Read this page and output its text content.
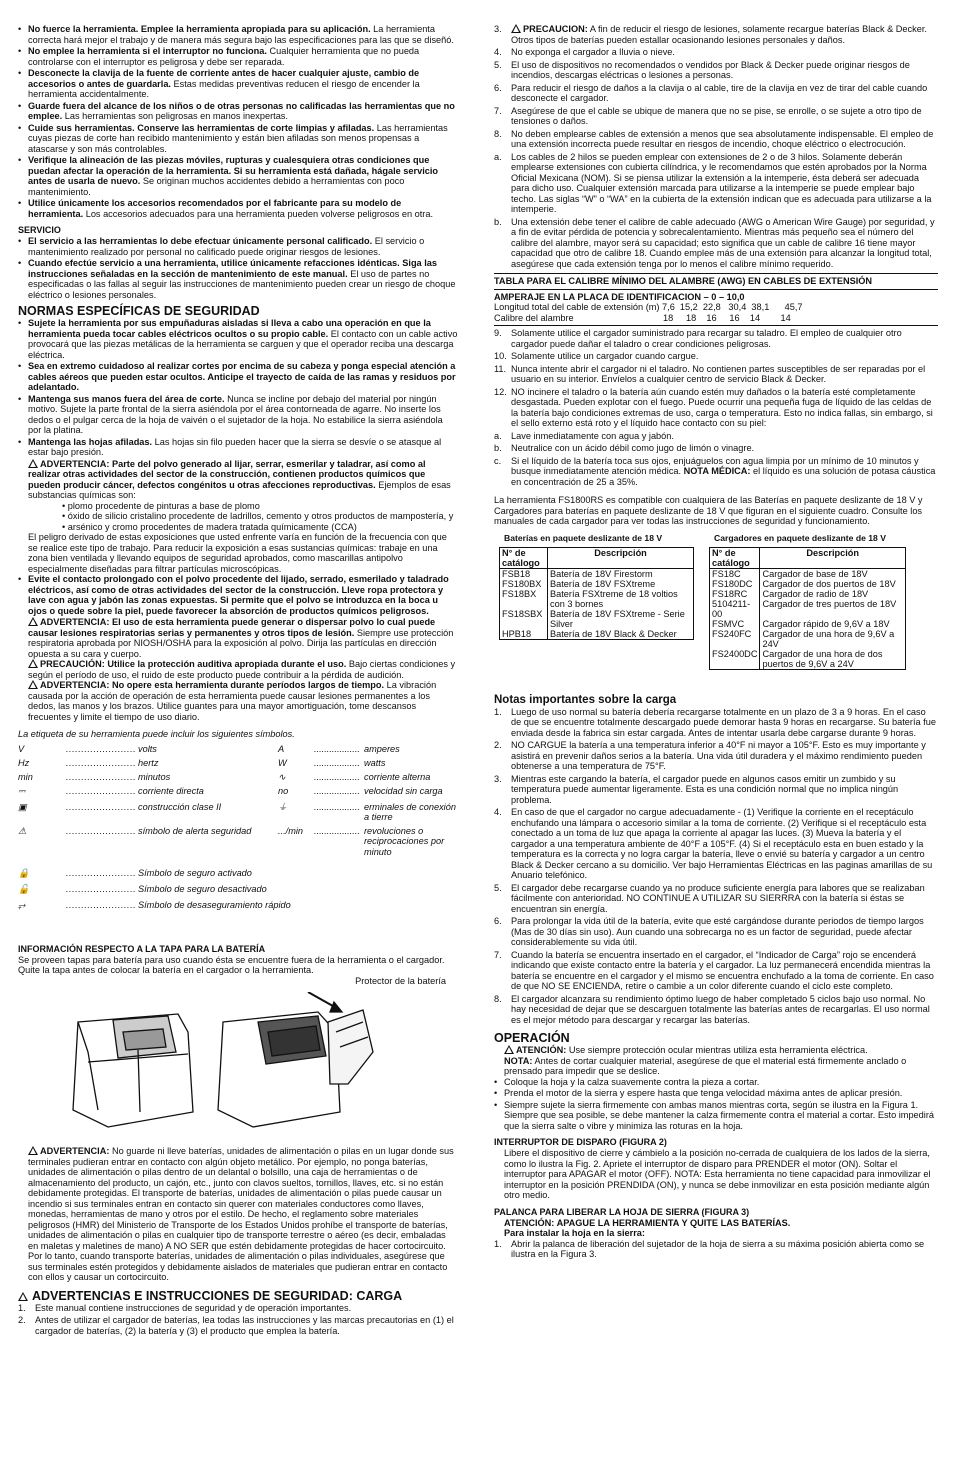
• No fuerce la herramienta. Emplee la herramienta apropiada para su aplicación. La herramienta correcta hará mejor el trabajo y de manera más segura bajo las especificaciones para las que se diseñó.

• No emplee la herramienta si el interruptor no funciona. Cualquier herramienta que no pueda controlarse con el interruptor es peligrosa y debe ser reparada.

• Desconecte la clavija de la fuente de corriente antes de hacer cualquier ajuste, cambio de accesorios o antes de guardarla. Estas medidas preventivas reducen el riesgo de encender la herramienta accidentalmente.

• Guarde fuera del alcance de los niños o de otras personas no calificadas las herramientas que no emplee. Las herramientas son peligrosas en manos inexpertas.

• Cuide sus herramientas. Conserve las herramientas de corte limpias y afiladas. Las herramientas cuyas piezas de corte han recibido mantenimiento y están bien afiladas son menos propensas a atascarse y son más controlables.

• Verifique la alineación de las piezas móviles, rupturas y cualesquiera otras condiciones que puedan afectar la operación de la herramienta. Si su herramienta está dañada, hágale servicio antes de usarla de nuevo. Se originan muchos accidentes debido a herramientas con poco mantenimiento.

• Utilice únicamente los accesorios recomendados por el fabricante para su modelo de herramienta. Los accesorios adecuados para una herramienta pueden volverse peligrosos en otra.

SERVICIO

• El servicio a las herramientas lo debe efectuar únicamente personal calificado. El servicio o mantenimiento realizado por personal no calificado puede originar riesgos de lesiones.

• Cuando efectúe servicio a una herramienta, utilice únicamente refacciones idénticas. Siga las instrucciones señaladas en la sección de mantenimiento de este manual. El uso de partes no especificadas o las fallas al seguir las instrucciones de mantenimiento pueden crear un riesgo de choque eléctrico o lesiones personales.

NORMAS ESPECÍFICAS DE SEGURIDAD

• Sujete la herramienta por sus empuñaduras aisladas si lleva a cabo una operación en que la herramienta pueda tocar cables eléctricos ocultos o su propio cable. El contacto con un cable activo provocará que las piezas metálicas de la herramienta se carguen y que el operador reciba una descarga eléctrica.

• Sea en extremo cuidadoso al realizar cortes por encima de su cabeza y ponga especial atención a cables aéreos que pueden estar ocultos. Anticipe el trayecto de caída de las ramas y residuos por adelantado.

• Mantenga sus manos fuera del área de corte. Nunca se incline por debajo del material por ningún motivo. Sujete la parte frontal de la sierra asiéndola por el área contorneada de agarre. No inserte los dedos o el pulgar cerca de la hoja de vaivén o el sujetador de la hoja. No estabilice la sierra asiéndola por la platina.

• Mantenga las hojas afiladas. Las hojas sin filo pueden hacer que la sierra se desvíe o se atasque al estar bajo presión.

ADVERTENCIA: Parte del polvo generado al lijar, serrar, esmerilar y taladrar, así como al realizar otras actividades del sector de la construcción, contienen productos químicos que pueden producir cáncer, defectos congénitos u otras afecciones reproductivas. Ejemplos de esas substancias químicas son:

• plomo procedente de pinturas a base de plomo

• óxido de silicio cristalino procedente de ladrillos, cemento y otros productos de mampostería, y

• arsénico y cromo procedentes de madera tratada químicamente (CCA)

El peligro derivado de estas exposiciones que usted enfrente varía en función de la frecuencia con que se realice este tipo de trabajo. Para reducir la exposición a esas sustancias químicas: trabaje en una zona bien ventilada y llevando equipos de seguridad aprobados, como mascarillas antipolvo especialmente diseñadas para filtrar partículas microscópicas.

• Evite el contacto prolongado con el polvo procedente del lijado, serrado, esmerilado y taladrado eléctricos, así como de otras actividades del sector de la construcción. Lleve ropa protectora y lave con agua y jabón las zonas expuestas. Si permite que el polvo se introduzca en la boca u ojos o quede sobre la piel, puede favorecer la absorción de productos químicos peligrosos.

ADVERTENCIA: El uso de esta herramienta puede generar o dispersar polvo lo cual puede causar lesiones respiratorias serias y permanentes y otros tipos de lesión. Siempre use protección respiratoria aprobada por NIOSH/OSHA para la exposición al polvo. Dirija las partículas en dirección opuesta a su cara y cuerpo.

PRECAUCIÓN: Utilice la protección auditiva apropiada durante el uso. Bajo ciertas condiciones y según el período de uso, el ruido de este producto puede contribuir a la pérdida de audición.

ADVERTENCIA: No opere esta herramienta durante períodos largos de tiempo. La vibración causada por la acción de operación de esta herramienta puede causar lesiones permanentes a los dedos, las manos y los brazos. Utilice guantes para una mayor amortiguación, tome descansos frecuentes y limite el tiempo de uso diario.

La etiqueta de su herramienta puede incluir los siguientes símbolos.

V	....................... volts
Hz	....................... hertz
min	....................... minutos
⎓	....................... corriente directa
▣	....................... construcción clase II
⚠	....................... símbolo de alerta seguridad
🔒	....................... Símbolo de seguro activado
🔓	....................... Símbolo de seguro desactivado
⥅	....................... Símbolo de desaseguramiento rápido
A	.................. amperes
W	.................. watts
∿	.................. corriente alterna
no	.................. velocidad sin carga
⏚	.................. erminales de conexión a tierre
.../min .................. revoluciones o reciprocaciones por minuto
INFORMACIÓN RESPECTO A LA TAPA PARA LA BATERÍA

Se proveen tapas para batería para uso cuando ésta se encuentre fuera de la herramienta o el cargador. Quite la tapa antes de colocar la batería en el cargador o la herramienta.

Protector de la batería

ADVERTENCIA: No guarde ni lleve baterías, unidades de alimentación o pilas en un lugar donde sus terminales pudieran entrar en contacto con algún objeto metálico. Por ejemplo, no ponga baterías, unidades de alimentación o pilas dentro de un delantal o bolsillo, una caja de herramientas o de almacenamiento del producto, un cajón, etc., junto con clavos sueltos, tornillos, llaves, etc. si no están debidamente protegidas. El transporte de baterías, unidades de alimentación o pilas puede causar un incendio si sus terminales entran en contacto sin querer con materiales conductores como llaves, monedas, herramientas de mano y otros por el estilo. De hecho, el reglamento sobre materiales peligrosos (HMR) del Ministerio de Transporte de los Estados Unidos prohíbe el transporte de baterías, unidades de alimentación o pilas en cualquier tipo de transporte terrestre o aéreo (es decir, embaladas en maletas y maletines de mano) A NO SER que estén debidamente protegidas de hacer cortocircuito. Por lo tanto, cuando transporte baterías, unidades de alimentación o pilas individuales, asegúrese que sus terminales estén protegidos y debidamente aislados de materiales que pudieran entrar en contacto con ellos y causar un cortocircuito.

ADVERTENCIAS E INSTRUCCIONES DE SEGURIDAD: CARGA

1. Este manual contiene instrucciones de seguridad y de operación importantes.

2. Antes de utilizar el cargador de baterías, lea todas las instrucciones y las marcas precautorias en (1) el cargador de baterías, (2) la batería y (3) el producto que emplea la batería.

3. PRECAUCION: A fin de reducir el riesgo de lesiones, solamente recargue baterías Black & Decker. Otros tipos de baterías pueden estallar ocasionando lesiones personales y daños.

4. No exponga el cargador a lluvia o nieve.

5. El uso de dispositivos no recomendados o vendidos por Black & Decker puede originar riesgos de incendios, descargas eléctricas o lesiones a personas.

6. Para reducir el riesgo de daños a la clavija o al cable, tire de la clavija en vez de tirar del cable cuando desconecte el cargador.

7. Asegúrese de que el cable se ubique de manera que no se pise, se enrolle, o se sujete a otro tipo de tensiones o daños.

8. No deben emplearse cables de extensión a menos que sea absolutamente indispensable. El empleo de una extensión incorrecta puede resultar en riesgos de incendio, choque eléctrico o electrocución.

a. Los cables de 2 hilos se pueden emplear con extensiones de 2 o de 3 hilos. Solamente deberán emplearse extensiones con cubierta cilíndrica, y le recomendamos que estén aprobados por la Norma Oficial Mexicana (NOM). Si se piensa utilizar la extensión a la intemperie, ésta deberá ser adecuada para dicho uso. Cualquier extensión marcada para utilizarse a la intemperie se puede emplear bajo techo. Las siglas “W” o “WA” en la cubierta de la extensión indican que es adecuada para utilizarse a la intemperie.

b. Una extensión debe tener el calibre de cable adecuado (AWG o American Wire Gauge) por seguridad, y a fin de evitar pérdida de potencia y sobrecalentamiento. Mientras más pequeño sea el número del calibre del alambre, mayor será su capacidad; esto significa que un cable de calibre 16 tiene mayor capacidad que otro de calibre 18. Cuando emplee más de una extensión para alcanzar la longitud total, asegúrese que cada extensión tenga por lo menos el calibre mínimo requerido.

TABLA PARA EL CALIBRE MÍNIMO DEL ALAMBRE (AWG) EN CABLES DE EXTENSIÓN

AMPERAJE EN LA PLACA DE IDENTIFICACION – 0 – 10,0

Longitud total del cable de extensión (m) 7,6  15,2  22,8   30,4  38,1      45,7

Calibre del alambre                                   18     18    16     16    14        14

9. Solamente utilice el cargador suministrado para recargar su taladro. El empleo de cualquier otro cargador puede dañar el taladro o crear condiciones peligrosas.

10. Solamente utilice un cargador cuando cargue.

11. Nunca intente abrir el cargador ni el taladro. No contienen partes susceptibles de ser reparadas por el usuario en su interior. Envíelos a cualquier centro de servicio Black & Decker.

12. NO incinere el taladro o la batería aún cuando estén muy dañados o la batería esté completamente desgastada. Pueden explotar con el fuego. Puede ocurrir una pequeña fuga de líquido de las celdas de la batería bajo condiciones extremas de uso, carga o temperatura. Esto no indica fallas, sin embargo, si el sello externo está roto y el líquido hace contacto con su piel:

a. Lave inmediatamente con agua y jabón.

b. Neutralice con un ácido débil como jugo de limón o vinagre.

c. Si el líquido de la batería toca sus ojos, enjuáguelos con agua limpia por un mínimo de 10 minutos y busque inmediatamente atención médica. NOTA MÉDICA: el líquido es una solución de potasa cáustica en concentración de 25 a 35%.

La herramienta FS1800RS es compatible con cualquiera de las Baterías en paquete deslizante de 18 V y Cargadores para baterías en paquete deslizante de 18 V que figuran en el siguiente cuadro. Consulte los manuales de cada cargador para ver todas las instrucciones de seguridad y funcionamiento.

Baterías en paquete deslizante de 18 V	Cargadores en paquete deslizante de 18 V

N° de catálogo	Descripción
FSB18	Batería de 18V Firestorm
FS180BX	Batería de 18V FSXtreme
FS18BX	Batería FSXtreme de 18 voltios con 3 bornes
FS18SBX	Batería de 18V FSXtreme - Serie Silver
HPB18	Batería de 18V Black & Decker
N° de catálogo	Descripción
FS18C	Cargador de base de 18V
FS180DC	Cargador de dos puertos de 18V
FS18RC	Cargador de radio de 18V
5104211-00	Cargador de tres puertos de 18V
FSMVC	Cargador rápido de 9,6V a 18V
FS240FC	Cargador de una hora de 9,6V a 24V
FS2400DC	Cargador de una hora de dos puertos de 9,6V a 24V
Notas importantes sobre la carga

1. Luego de uso normal su batería debería recargarse totalmente en un plazo de 3 a 9 horas. En el caso de que se encuentre totalmente descargado puede demorar hasta 9 horas en recargarse. Su batería fue enviada desde la fabrica sin estar cargada. Antes de intentar usarla debe cargarse durante 9 horas.

2. NO CARGUE la batería a una temperatura inferior a 40°F ni mayor a 105°F. Esto es muy importante y asistirá en prevenir daños serios a la batería. Una vida útil duradera y el máximo rendimiento pueden obtenerse a una temperatura de 75°F.

3. Mientras este cargando la batería, el cargador puede en algunos casos emitir un zumbido y su temperatura puede aumentar ligeramente. Esta es una condición normal que no implica ningún problema.

4. En caso de que el cargador no cargue adecuadamente - (1) Verifique la corriente en el receptáculo enchufando una lámpara o accesorio similar a la toma de corriente. (2) Verifique si el receptáculo esta conectado a un toma de luz que apaga la corriente al apagar las luces. (3) Mueva la batería y el cargador a una temperatura ambiente de 40°F a 105°F. (4) Si el receptáculo esta en buen estado y la temperatura es la correcta y no logra cargar la batería, lleve o envié su batería y cargador a un centro Black & Decker cercano a su domicilio. Ver bajo Herramientas Eléctricas en las paginas amarillas de su Anuario telefónico.

5. El cargador debe recargarse cuando ya no produce suficiente energía para labores que se realizaban fácilmente con anterioridad. NO CONTINUE A UTILIZAR SU SIERRRA con la batería si éstas se encuentran sin energía.

6. Para prolongar la vida útil de la batería, evite que esté cargándose durante periodos de tiempo largos (Mas de 30 días sin uso). Aun cuando una sobrecarga no es un factor de seguridad, puede afectar considerablemente su vida útil.

7. Cuando la batería se encuentra insertado en el cargador, el “Indicador de Carga” rojo se encenderá indicando que existe contacto entre la batería y el cargador. La luz permanecerá encendida mientras la batería se encuentre en el cargador y el mismo se encuentra enchufado a la toma de corriente. En caso de que NO SE ENCIENDA, retire o cambie a un color diferente cuando el ciclo este completo.

8. El cargador alcanzara su rendimiento óptimo luego de haber completado 5 ciclos bajo uso normal. No hay necesidad de dejar que se descarguen totalmente las baterías antes de recargarlas. El uso normal es el mejor método para descargar y recargar las baterías.

OPERACIÓN

ATENCIÓN: Use siempre protección ocular mientras utiliza esta herramienta eléctrica.

NOTA: Antes de cortar cualquier material, asegúrese de que el material está firmemente anclado o prensado para impedir que se deslice.

• Coloque la hoja y la calza suavemente contra la pieza a cortar.

• Prenda el motor de la sierra y espere hasta que tenga velocidad máxima antes de aplicar presión.

• Siempre sujete la sierra firmemente con ambas manos mientras corta, según se ilustra en la Figura 1. Siempre que sea posible, se debe mantener la calza firmemente contra el material a cortar. Esto impedirá que la sierra salte o vibre y minimiza las roturas en la hoja.

INTERRUPTOR DE DISPARO (FIGURA 2)

Libere el dispositivo de cierre y cámbielo a la posición no-cerrada de cualquiera de los lados de la sierra, como lo ilustra la Fig. 2. Apriete el interruptor de disparo para PRENDER el motor (ON). Soltar el interruptor para APAGAR el motor (OFF). NOTA: Esta herramienta no tiene capacidad para inmovilizar el interruptor en la posición PRENDIDA (ON), y nunca se debe inmovilizar en esta posición mediante algún otro medio.

PALANCA PARA LIBERAR LA HOJA DE SIERRA (FIGURA 3)

ATENCIÓN: APAGUE LA HERRAMIENTA Y QUITE LAS BATERÍAS.

Para instalar la hoja en la sierra:

1. Abrir la palanca de liberación del sujetador de la hoja de sierra a su máxima posición abierta como se ilustra en la Figura 3.
